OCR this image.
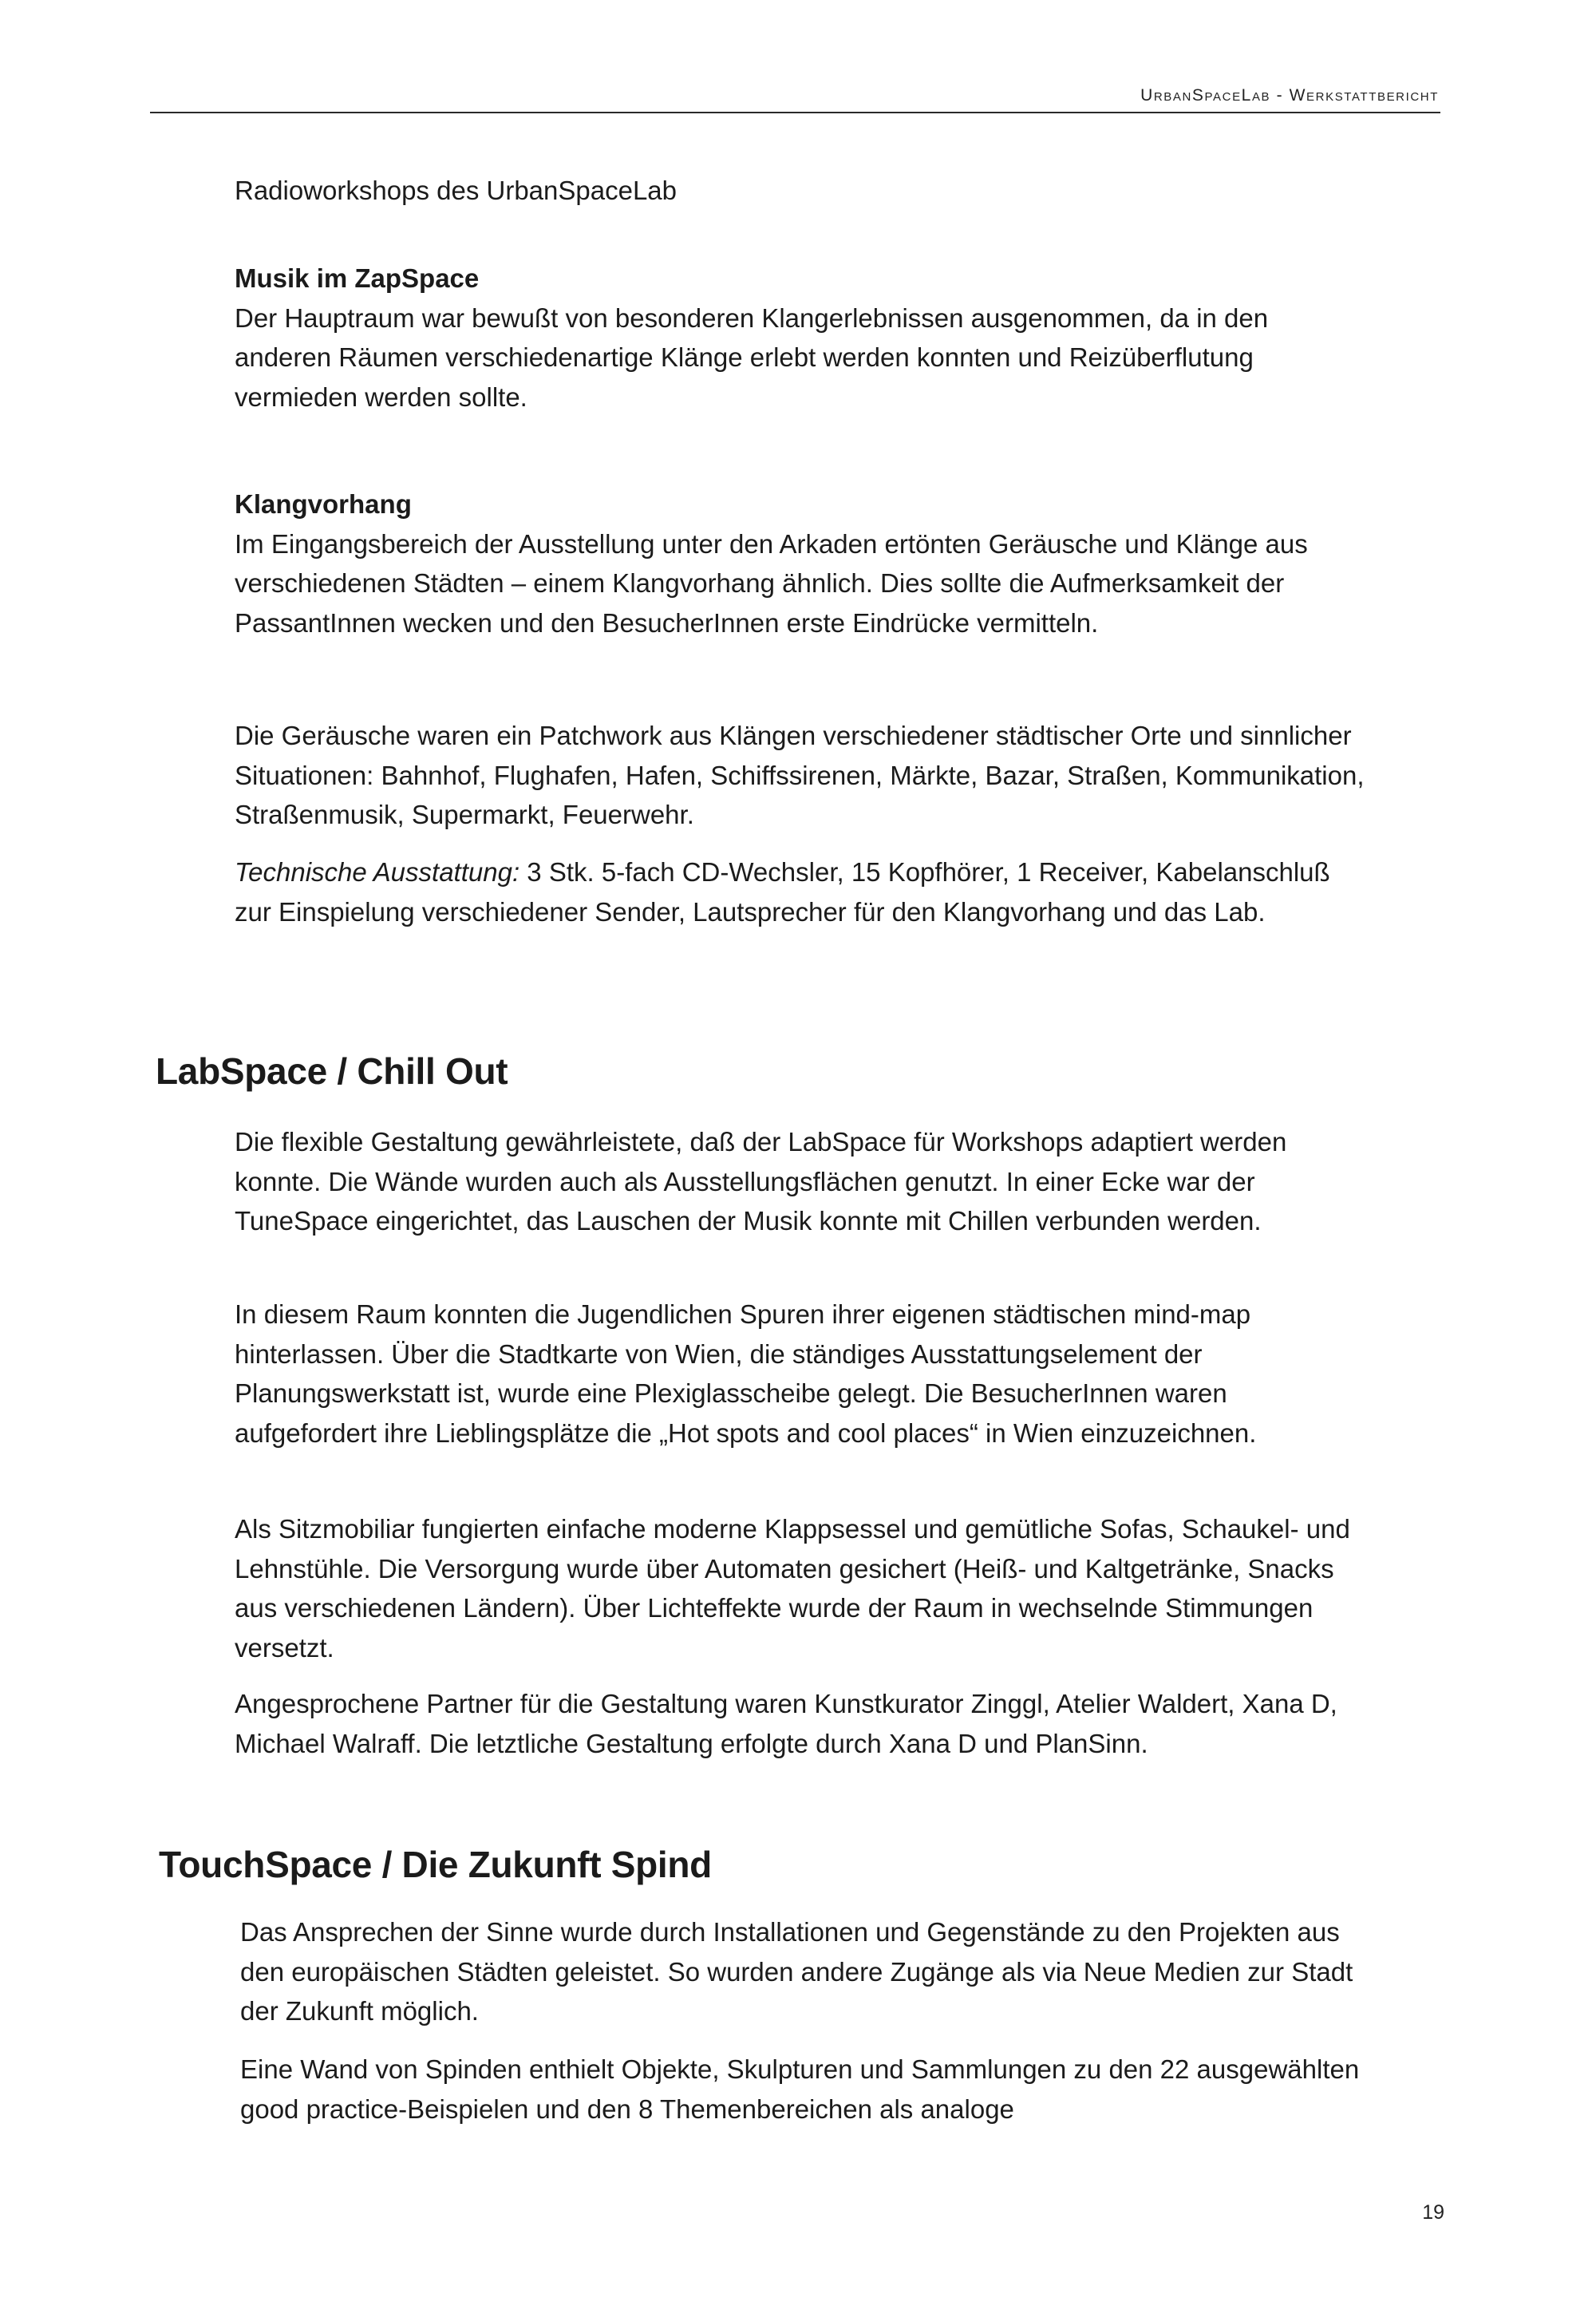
UrbanSpaceLab - Werkstattbericht

Radioworkshops des UrbanSpaceLab

Musik im ZapSpace

Der Hauptraum war bewußt von besonderen Klangerlebnissen ausgenommen, da in den anderen Räumen verschiedenartige Klänge erlebt werden konnten und Reizüberflutung vermieden werden sollte.

Klangvorhang

Im Eingangsbereich der Ausstellung unter den Arkaden ertönten Geräusche und Klänge aus verschiedenen Städten – einem Klangvorhang ähnlich. Dies sollte die Aufmerksamkeit der PassantInnen wecken und den BesucherInnen erste Eindrücke vermitteln.

Die Geräusche waren ein Patchwork aus Klängen verschiedener städtischer Orte und sinnlicher Situationen: Bahnhof, Flughafen, Hafen, Schiffssirenen, Märkte, Bazar, Straßen, Kommunikation, Straßenmusik, Supermarkt, Feuerwehr.

Technische Ausstattung: 3 Stk. 5-fach CD-Wechsler, 15 Kopfhörer, 1 Receiver, Kabelanschluß zur Einspielung verschiedener Sender, Lautsprecher für den Klangvorhang und das Lab.

LabSpace / Chill Out

Die flexible Gestaltung gewährleistete, daß der LabSpace für Workshops adaptiert werden konnte. Die Wände wurden auch als Ausstellungsflächen genutzt. In einer Ecke war der TuneSpace eingerichtet, das Lauschen der Musik konnte mit Chillen verbunden werden.

In diesem Raum konnten die Jugendlichen Spuren ihrer eigenen städtischen mind-map hinterlassen. Über die Stadtkarte von Wien, die ständiges Ausstattungselement der Planungswerkstatt ist, wurde eine Plexiglasscheibe gelegt. Die BesucherInnen waren aufgefordert ihre Lieblingsplätze die „Hot spots and cool places“ in Wien einzuzeichnen.

Als Sitzmobiliar fungierten einfache moderne Klappsessel und gemütliche Sofas, Schaukel- und Lehnstühle. Die Versorgung wurde über Automaten gesichert (Heiß- und Kaltgetränke, Snacks aus verschiedenen Ländern). Über Lichteffekte wurde der Raum in wechselnde Stimmungen versetzt.

Angesprochene Partner für die Gestaltung waren Kunstkurator Zinggl, Atelier Waldert, Xana D, Michael Walraff. Die letztliche Gestaltung erfolgte durch Xana D und PlanSinn.

TouchSpace / Die Zukunft Spind

Das Ansprechen der Sinne wurde durch Installationen und Gegenstände zu den Projekten aus den europäischen Städten geleistet. So wurden andere Zugänge als via Neue Medien zur Stadt der Zukunft möglich.

Eine Wand von Spinden enthielt Objekte, Skulpturen und Sammlungen zu den 22 ausgewählten good practice-Beispielen und den 8 Themenbereichen als analoge

19
